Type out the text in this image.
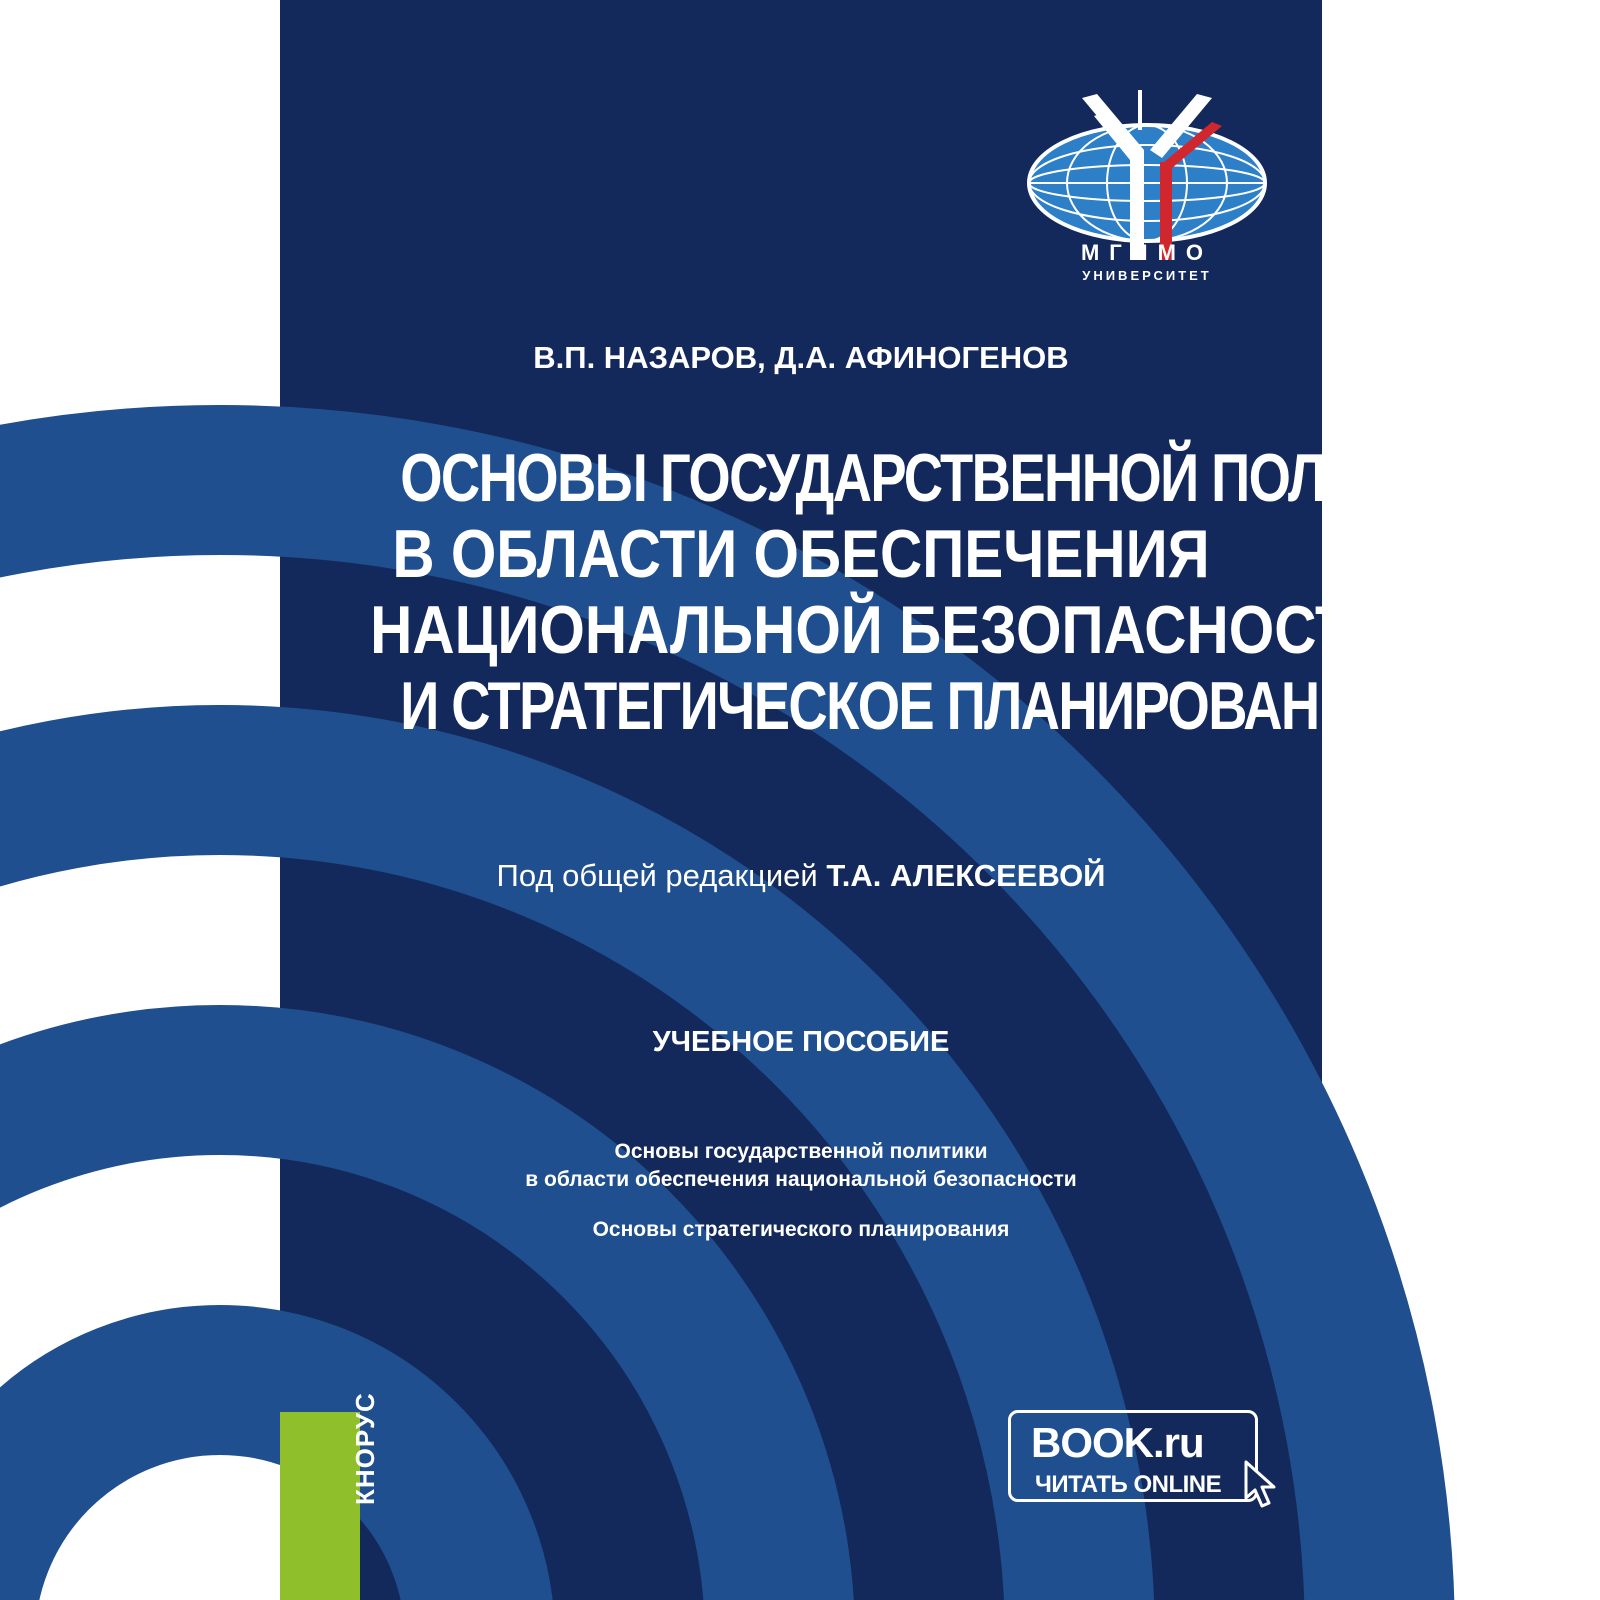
МГИМО
УНИВЕРСИТЕТ
В.П. НАЗАРОВ, Д.А. АФИНОГЕНОВ
ОСНОВЫ ГОСУДАРСТВЕННОЙ ПОЛИТИКИ
В ОБЛАСТИ ОБЕСПЕЧЕНИЯ
НАЦИОНАЛЬНОЙ БЕЗОПАСНОСТИ
И СТРАТЕГИЧЕСКОЕ ПЛАНИРОВАНИЕ
Под общей редакцией Т.А. АЛЕКСЕЕВОЙ
УЧЕБНОЕ ПОСОБИЕ
Основы государственной политики
в области обеспечения национальной безопасности
Основы стратегического планирования
КНОРУС	BOOK.ru
ЧИТАТЬ ONLINE
